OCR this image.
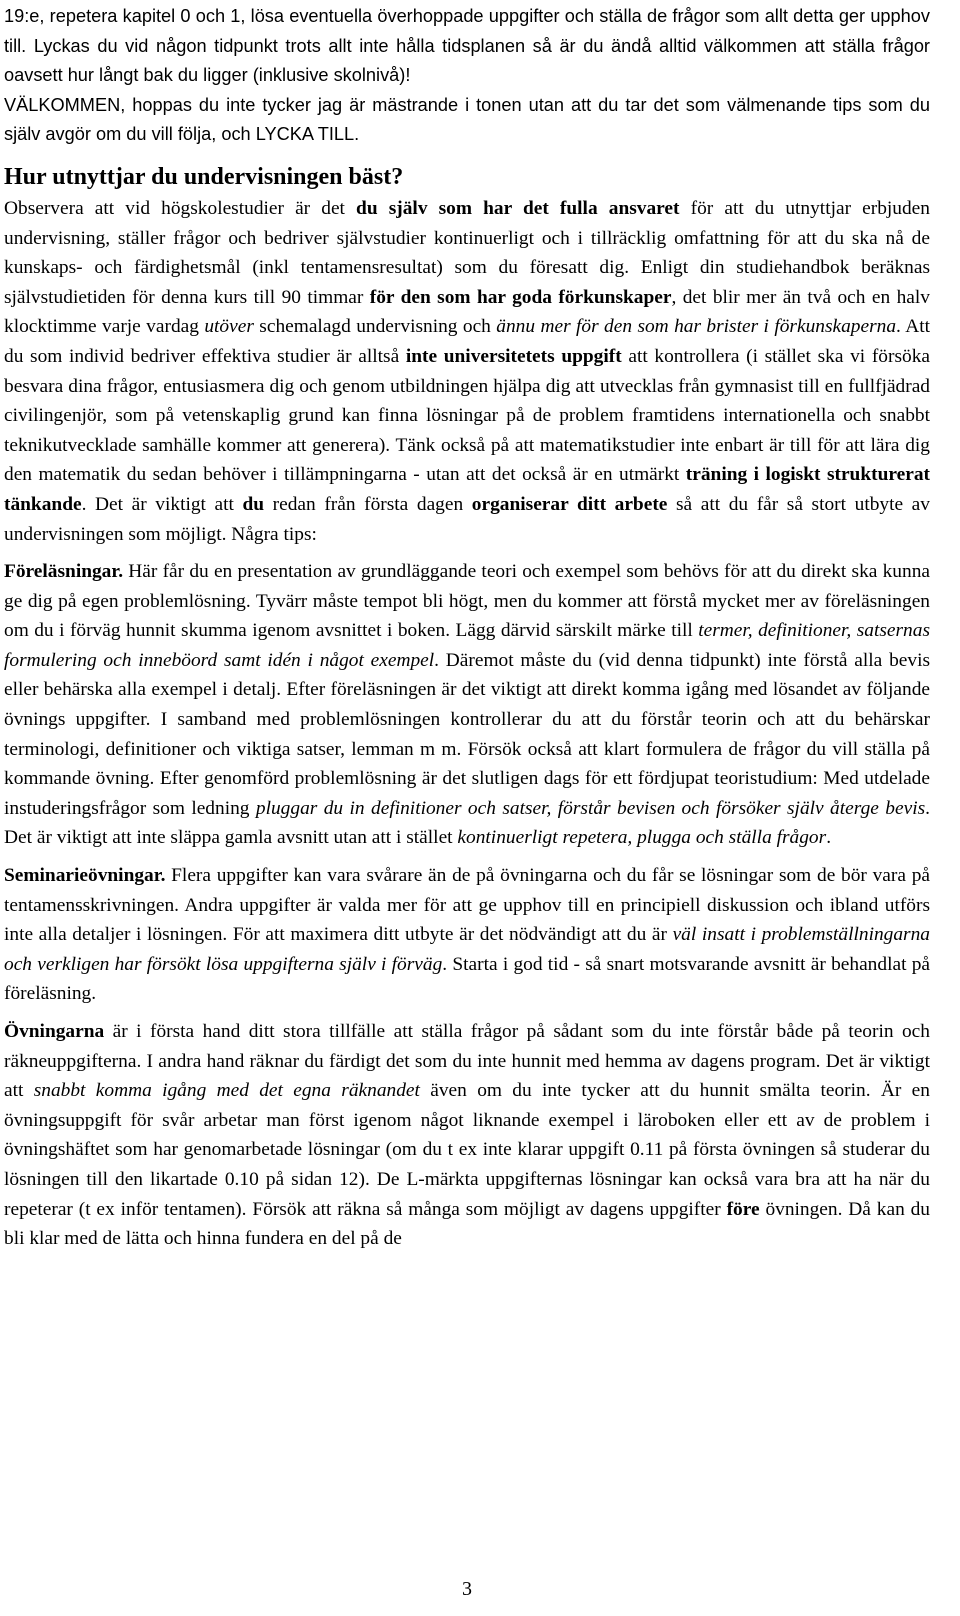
19:e, repetera kapitel 0 och 1, lösa eventuella överhoppade uppgifter och ställa de frågor som allt detta ger upphov till. Lyckas du vid någon tidpunkt trots allt inte hålla tidsplanen så är du ändå alltid välkommen att ställa frågor oavsett hur långt bak du ligger (inklusive skolnivå)!
VÄLKOMMEN, hoppas du inte tycker jag är mästrande i tonen utan att du tar det som välmenande tips som du själv avgör om du vill följa, och LYCKA TILL.

Hur utnyttjar du undervisningen bäst?

Observera att vid högskolestudier är det du själv som har det fulla ansvaret för att du utnyttjar erbjuden undervisning, ställer frågor och bedriver självstudier kontinuerligt och i tillräcklig omfattning för att du ska nå de kunskaps- och färdighetsmål (inkl tentamensresultat) som du föresatt dig. Enligt din studiehandbok beräknas självstudietiden för denna kurs till 90 timmar för den som har goda förkunskaper, det blir mer än två och en halv klocktimme varje vardag utöver schemalagd undervisning och ännu mer för den som har brister i förkunskaperna. Att du som individ bedriver effektiva studier är alltså inte universitetets uppgift att kontrollera (i stället ska vi försöka besvara dina frågor, entusiasmera dig och genom utbildningen hjälpa dig att utvecklas från gymnasist till en fullfjädrad civilingenjör, som på vetenskaplig grund kan finna lösningar på de problem framtidens internationella och snabbt teknikutvecklade samhälle kommer att generera). Tänk också på att matematikstudier inte enbart är till för att lära dig den matematik du sedan behöver i tillämpningarna - utan att det också är en utmärkt träning i logiskt strukturerat tänkande. Det är viktigt att du redan från första dagen organiserar ditt arbete så att du får så stort utbyte av undervisningen som möjligt. Några tips:

Föreläsningar. Här får du en presentation av grundläggande teori och exempel som behövs för att du direkt ska kunna ge dig på egen problemlösning. Tyvärr måste tempot bli högt, men du kommer att förstå mycket mer av föreläsningen om du i förväg hunnit skumma igenom avsnittet i boken. Lägg därvid särskilt märke till termer, definitioner, satsernas formulering och inneböord samt idén i något exempel. Däremot måste du (vid denna tidpunkt) inte förstå alla bevis eller behärska alla exempel i detalj. Efter föreläsningen är det viktigt att direkt komma igång med lösandet av följande övnings uppgifter. I samband med problemlösningen kontrollerar du att du förstår teorin och att du behärskar terminologi, definitioner och viktiga satser, lemman m m. Försök också att klart formulera de frågor du vill ställa på kommande övning. Efter genomförd problemlösning är det slutligen dags för ett fördjupat teoristudium: Med utdelade instuderingsfrågor som ledning pluggar du in definitioner och satser, förstår bevisen och försöker själv återge bevis. Det är viktigt att inte släppa gamla avsnitt utan att i stället kontinuerligt repetera, plugga och ställa frågor.

Seminarieövningar. Flera uppgifter kan vara svårare än de på övningarna och du får se lösningar som de bör vara på tentamensskrivningen. Andra uppgifter är valda mer för att ge upphov till en principiell diskussion och ibland utförs inte alla detaljer i lösningen. För att maximera ditt utbyte är det nödvändigt att du är väl insatt i problemställningarna och verkligen har försökt lösa uppgifterna själv i förväg. Starta i god tid - så snart motsvarande avsnitt är behandlat på föreläsning.

Övningarna är i första hand ditt stora tillfälle att ställa frågor på sådant som du inte förstår både på teorin och räkneuppgifterna. I andra hand räknar du färdigt det som du inte hunnit med hemma av dagens program. Det är viktigt att snabbt komma igång med det egna räknandet även om du inte tycker att du hunnit smälta teorin. Är en övningsuppgift för svår arbetar man först igenom något liknande exempel i läroboken eller ett av de problem i övningshäftet som har genomarbetade lösningar (om du t ex inte klarar uppgift 0.11 på första övningen så studerar du lösningen till den likartade 0.10 på sidan 12). De L-märkta uppgifternas lösningar kan också vara bra att ha när du repeterar (t ex inför tentamen). Försök att räkna så många som möjligt av dagens uppgifter före övningen. Då kan du bli klar med de lätta och hinna fundera en del på de

3
